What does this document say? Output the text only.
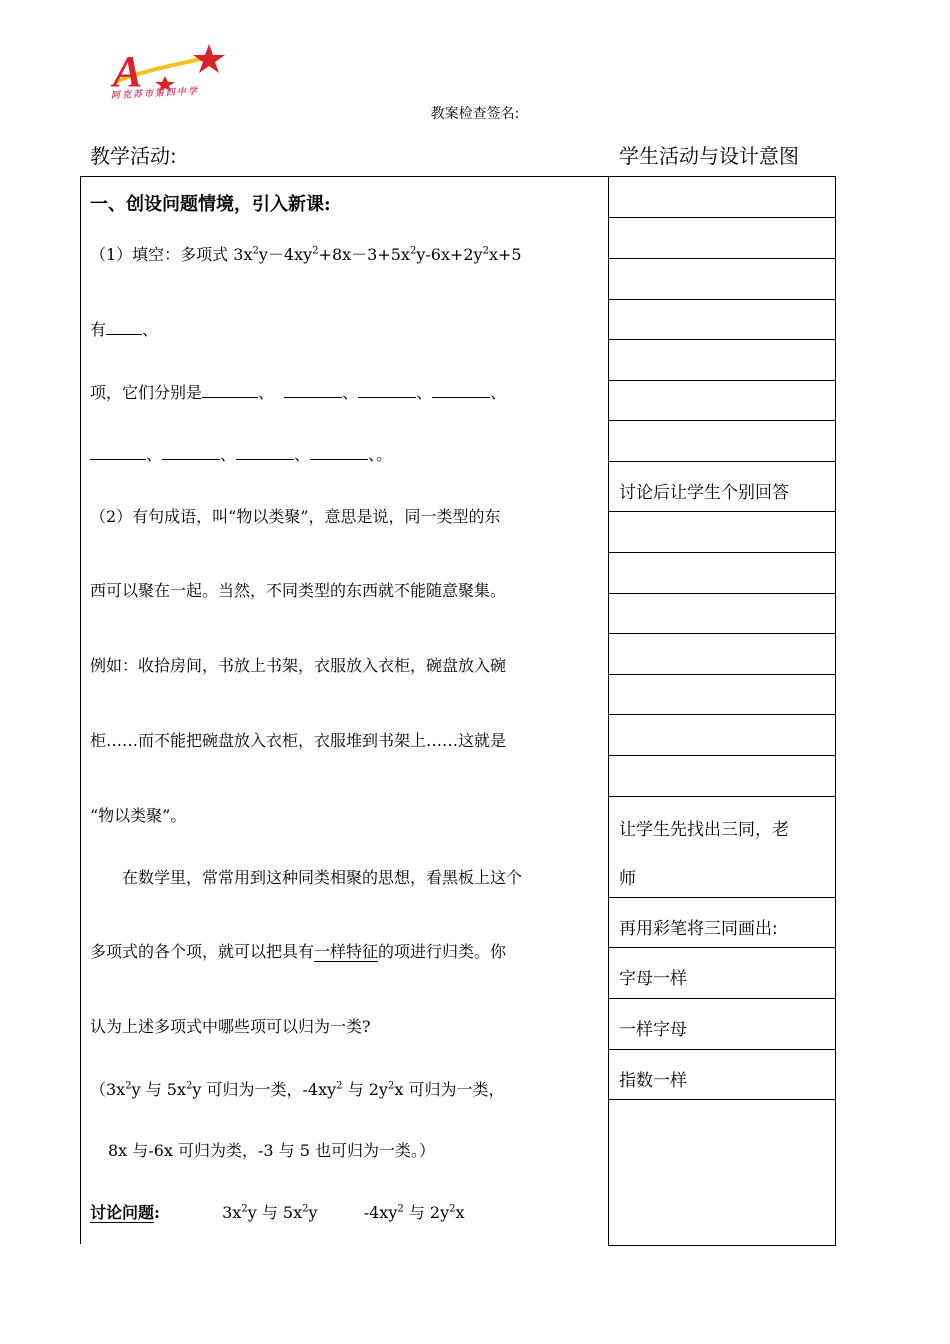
A
阿克苏市第四中学
教案检查签名:
教学活动:	学生活动与设计意图
一、创设问题情境，引入新课:
（1）填空：多项式 $3x^2y-4xy^2+8x-3+5x^2y-6x+2y^2x+5$
有 、
项，它们分别是	、	、	、	、
、	、	、	、。
（2）有句成语，叫“物以类聚”，意思是说，同一类型的东
西可以聚在一起。当然，不同类型的东西就不能随意聚集。
例如：收拾房间，书放上书架，衣服放入衣柜，碗盘放入碗
柜……而不能把碗盘放入衣柜，衣服堆到书架上……这就是
“物以类聚”。
在数学里，常常用到这种同类相聚的思想，看黑板上这个
多项式的各个项，就可以把具有一样特征的项进行归类。你
认为上述多项式中哪些项可以归为一类?
（$3x^2y$ 与 $5x^2y$ 可归为一类，$-4xy^2$ 与 $2y^2x$ 可归为一类，
8x 与-6x 可归为类，-3 与 5 也可归为一类。）
讨论问题:	$3x^2y$ 与 $5x^2y$	$-4xy^2$ 与 $2y^2x$
讨论后让学生个别回答
让学生先找出三同，老
师
再用彩笔将三同画出:
字母一样
一样字母
指数一样
